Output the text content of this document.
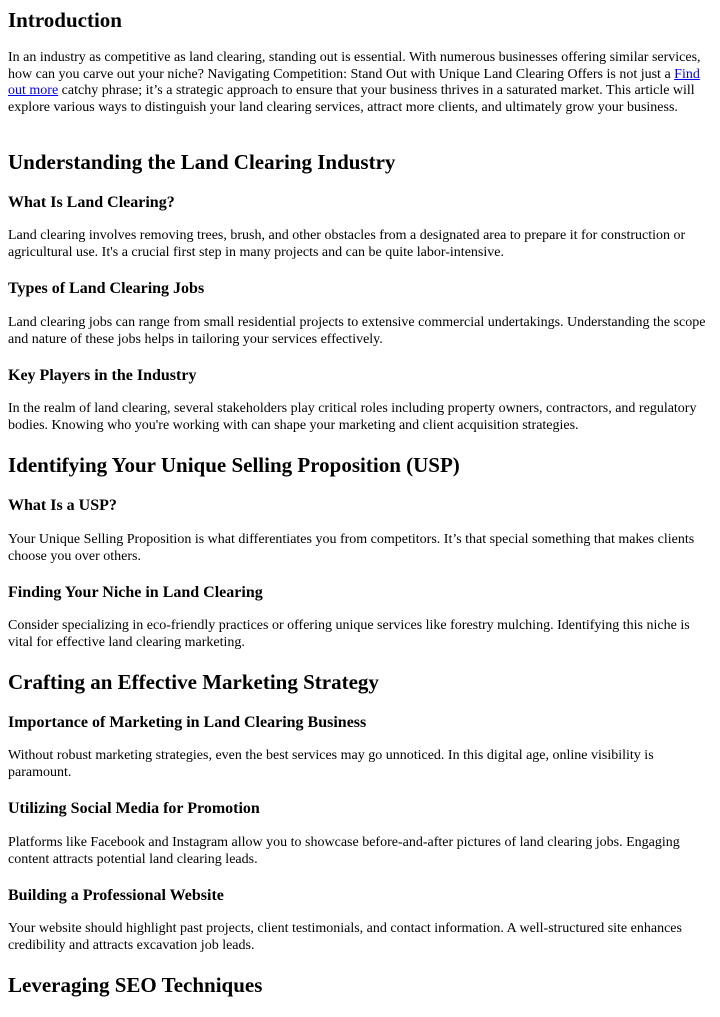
Introduction

In an industry as competitive as land clearing, standing out is essential. With numerous businesses offering similar services, how can you carve out your niche? Navigating Competition: Stand Out with Unique Land Clearing Offers is not just a Find out more catchy phrase; it’s a strategic approach to ensure that your business thrives in a saturated market. This article will explore various ways to distinguish your land clearing services, attract more clients, and ultimately grow your business.

Understanding the Land Clearing Industry
What Is Land Clearing?

Land clearing involves removing trees, brush, and other obstacles from a designated area to prepare it for construction or agricultural use. It's a crucial first step in many projects and can be quite labor-intensive.

Types of Land Clearing Jobs

Land clearing jobs can range from small residential projects to extensive commercial undertakings. Understanding the scope and nature of these jobs helps in tailoring your services effectively.

Key Players in the Industry

In the realm of land clearing, several stakeholders play critical roles including property owners, contractors, and regulatory bodies. Knowing who you're working with can shape your marketing and client acquisition strategies.

Identifying Your Unique Selling Proposition (USP)
What Is a USP?

Your Unique Selling Proposition is what differentiates you from competitors. It’s that special something that makes clients choose you over others.

Finding Your Niche in Land Clearing

Consider specializing in eco-friendly practices or offering unique services like forestry mulching. Identifying this niche is vital for effective land clearing marketing.

Crafting an Effective Marketing Strategy
Importance of Marketing in Land Clearing Business

Without robust marketing strategies, even the best services may go unnoticed. In this digital age, online visibility is paramount.

Utilizing Social Media for Promotion

Platforms like Facebook and Instagram allow you to showcase before-and-after pictures of land clearing jobs. Engaging content attracts potential land clearing leads.

Building a Professional Website

Your website should highlight past projects, client testimonials, and contact information. A well-structured site enhances credibility and attracts excavation job leads.

Leveraging SEO Techniques
